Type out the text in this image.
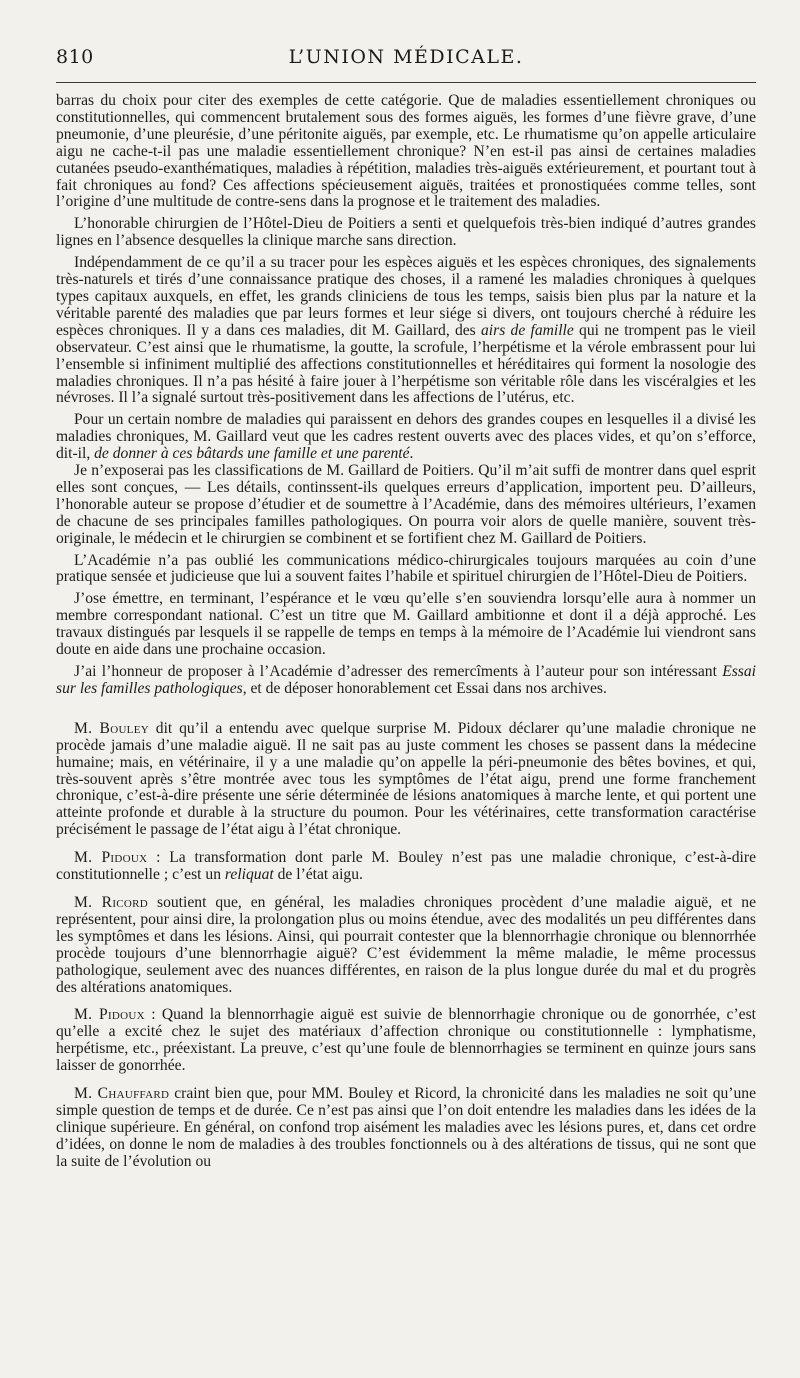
810	L’UNION MÉDICALE.

barras du choix pour citer des exemples de cette catégorie. Que de maladies essentiellement chroniques ou constitutionnelles, qui commencent brutalement sous des formes aiguës, les formes d’une fièvre grave, d’une pneumonie, d’une pleurésie, d’une péritonite aiguës, par exemple, etc. Le rhumatisme qu’on appelle articulaire aigu ne cache-t-il pas une maladie essentiellement chronique? N’en est-il pas ainsi de certaines maladies cutanées pseudo-exanthématiques, maladies à répétition, maladies très-aiguës extérieurement, et pourtant tout à fait chroniques au fond? Ces affections spécieusement aiguës, traitées et pronostiquées comme telles, sont l’origine d’une multitude de contre-sens dans la prognose et le traitement des maladies.

L’honorable chirurgien de l’Hôtel-Dieu de Poitiers a senti et quelquefois très-bien indiqué d’autres grandes lignes en l’absence desquelles la clinique marche sans direction.

Indépendamment de ce qu’il a su tracer pour les espèces aiguës et les espèces chroniques, des signalements très-naturels et tirés d’une connaissance pratique des choses, il a ramené les maladies chroniques à quelques types capitaux auxquels, en effet, les grands cliniciens de tous les temps, saisis bien plus par la nature et la véritable parenté des maladies que par leurs formes et leur siége si divers, ont toujours cherché à réduire les espèces chroniques. Il y a dans ces maladies, dit M. Gaillard, des airs de famille qui ne trompent pas le vieil observateur. C’est ainsi que le rhumatisme, la goutte, la scrofule, l’herpétisme et la vérole embrassent pour lui l’ensemble si infiniment multiplié des affections constitutionnelles et héréditaires qui forment la nosologie des maladies chroniques. Il n’a pas hésité à faire jouer à l’herpétisme son véritable rôle dans les viscéralgies et les névroses. Il l’a signalé surtout très-positivement dans les affections de l’utérus, etc.

Pour un certain nombre de maladies qui paraissent en dehors des grandes coupes en lesquelles il a divisé les maladies chroniques, M. Gaillard veut que les cadres restent ouverts avec des places vides, et qu’on s’efforce, dit-il, de donner à ces bâtards une famille et une parenté.

Je n’exposerai pas les classifications de M. Gaillard de Poitiers. Qu’il m’ait suffi de montrer dans quel esprit elles sont conçues, — Les détails, continssent-ils quelques erreurs d’application, importent peu. D’ailleurs, l’honorable auteur se propose d’étudier et de soumettre à l’Académie, dans des mémoires ultérieurs, l’examen de chacune de ses principales familles pathologiques. On pourra voir alors de quelle manière, souvent très-originale, le médecin et le chirurgien se combinent et se fortifient chez M. Gaillard de Poitiers.

L’Académie n’a pas oublié les communications médico-chirurgicales toujours marquées au coin d’une pratique sensée et judicieuse que lui a souvent faites l’habile et spirituel chirurgien de l’Hôtel-Dieu de Poitiers.

J’ose émettre, en terminant, l’espérance et le vœu qu’elle s’en souviendra lorsqu’elle aura à nommer un membre correspondant national. C’est un titre que M. Gaillard ambitionne et dont il a déjà approché. Les travaux distingués par lesquels il se rappelle de temps en temps à la mémoire de l’Académie lui viendront sans doute en aide dans une prochaine occasion.

J’ai l’honneur de proposer à l’Académie d’adresser des remercîments à l’auteur pour son intéressant Essai sur les familles pathologiques, et de déposer honorablement cet Essai dans nos archives.

M. Bouley dit qu’il a entendu avec quelque surprise M. Pidoux déclarer qu’une maladie chronique ne procède jamais d’une maladie aiguë. Il ne sait pas au juste comment les choses se passent dans la médecine humaine; mais, en vétérinaire, il y a une maladie qu’on appelle la péri-pneumonie des bêtes bovines, et qui, très-souvent après s’être montrée avec tous les symptômes de l’état aigu, prend une forme franchement chronique, c’est-à-dire présente une série déterminée de lésions anatomiques à marche lente, et qui portent une atteinte profonde et durable à la structure du poumon. Pour les vétérinaires, cette transformation caractérise précisément le passage de l’état aigu à l’état chronique.

M. Pidoux : La transformation dont parle M. Bouley n’est pas une maladie chronique, c’est-à-dire constitutionnelle ; c’est un reliquat de l’état aigu.

M. Ricord soutient que, en général, les maladies chroniques procèdent d’une maladie aiguë, et ne représentent, pour ainsi dire, la prolongation plus ou moins étendue, avec des modalités un peu différentes dans les symptômes et dans les lésions. Ainsi, qui pourrait contester que la blennorrhagie chronique ou blennorrhée procède toujours d’une blennorrhagie aiguë? C’est évidemment la même maladie, le même processus pathologique, seulement avec des nuances différentes, en raison de la plus longue durée du mal et du progrès des altérations anatomiques.

M. Pidoux : Quand la blennorrhagie aiguë est suivie de blennorrhagie chronique ou de gonorrhée, c’est qu’elle a excité chez le sujet des matériaux d’affection chronique ou constitutionnelle : lymphatisme, herpétisme, etc., préexistant. La preuve, c’est qu’une foule de blennorrhagies se terminent en quinze jours sans laisser de gonorrhée.

M. Chauffard craint bien que, pour MM. Bouley et Ricord, la chronicité dans les maladies ne soit qu’une simple question de temps et de durée. Ce n’est pas ainsi que l’on doit entendre les maladies dans les idées de la clinique supérieure. En général, on confond trop aisément les maladies avec les lésions pures, et, dans cet ordre d’idées, on donne le nom de maladies à des troubles fonctionnels ou à des altérations de tissus, qui ne sont que la suite de l’évolution ou
